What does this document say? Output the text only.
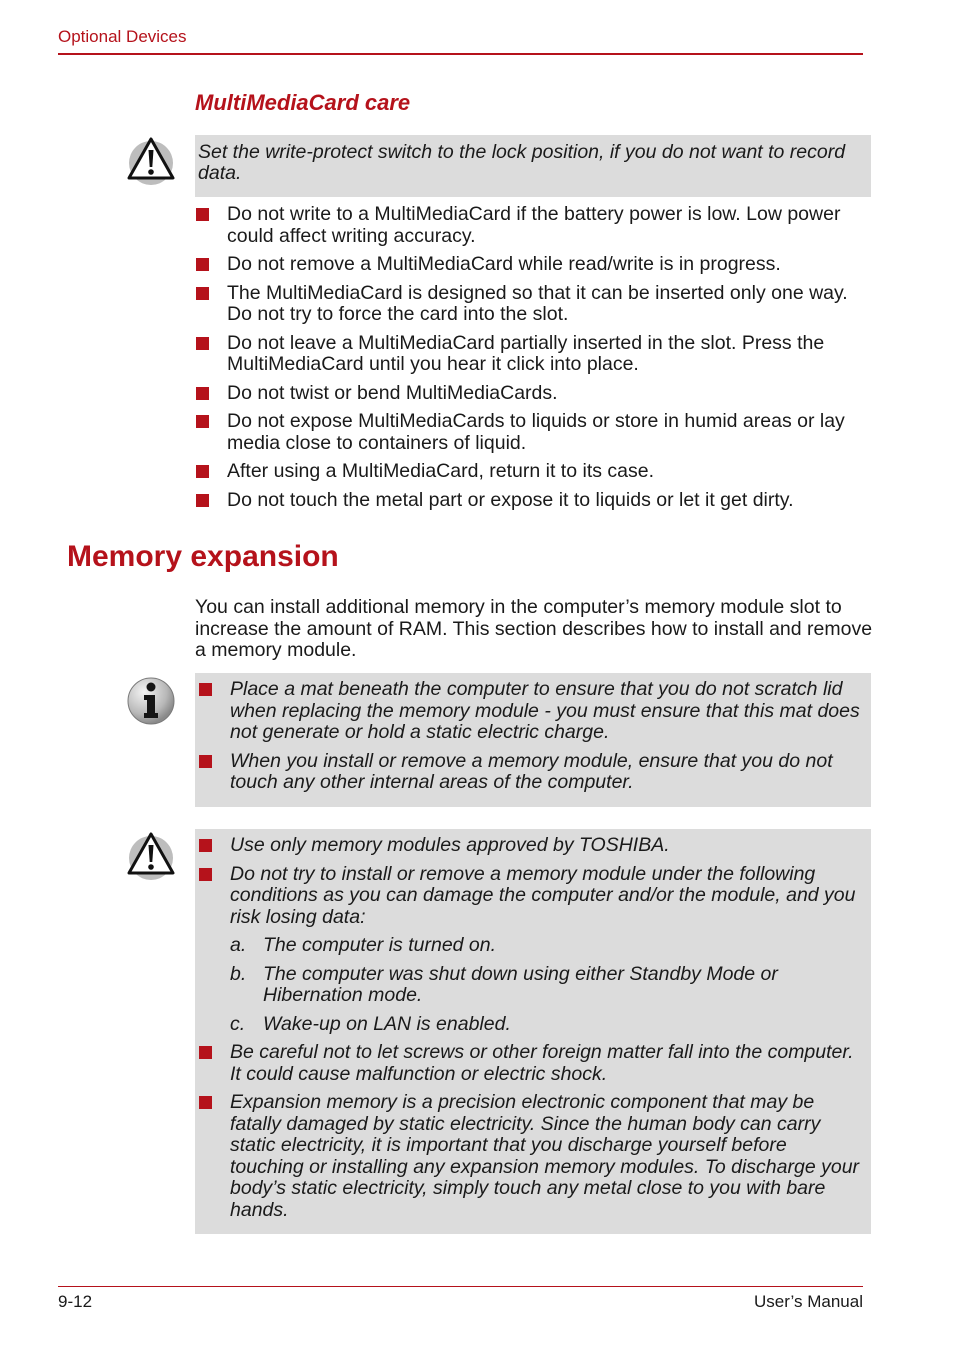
Optional Devices
MultiMediaCard care

Set the write-protect switch to the lock position, if you do not want to record data.

Do not write to a MultiMediaCard if the battery power is low. Low power could affect writing accuracy.
Do not remove a MultiMediaCard while read/write is in progress.
The MultiMediaCard is designed so that it can be inserted only one way. Do not try to force the card into the slot.
Do not leave a MultiMediaCard partially inserted in the slot. Press the MultiMediaCard until you hear it click into place.
Do not twist or bend MultiMediaCards.
Do not expose MultiMediaCards to liquids or store in humid areas or lay media close to containers of liquid.
After using a MultiMediaCard, return it to its case.
Do not touch the metal part or expose it to liquids or let it get dirty.
Memory expansion

You can install additional memory in the computer’s memory module slot to increase the amount of RAM. This section describes how to install and remove a memory module.

Place a mat beneath the computer to ensure that you do not scratch lid when replacing the memory module - you must ensure that this mat does not generate or hold a static electric charge.
When you install or remove a memory module, ensure that you do not touch any other internal areas of the computer.
Use only memory modules approved by TOSHIBA.
Do not try to install or remove a memory module under the following conditions as you can damage the computer and/or the module, and you risk losing data:
a. The computer is turned on.
b. The computer was shut down using either Standby Mode or Hibernation mode.
c. Wake-up on LAN is enabled.
Be careful not to let screws or other foreign matter fall into the computer. It could cause malfunction or electric shock.
Expansion memory is a precision electronic component that may be fatally damaged by static electricity. Since the human body can carry static electricity, it is important that you discharge yourself before touching or installing any expansion memory modules. To discharge your body’s static electricity, simply touch any metal close to you with bare hands.
9-12	User’s Manual
